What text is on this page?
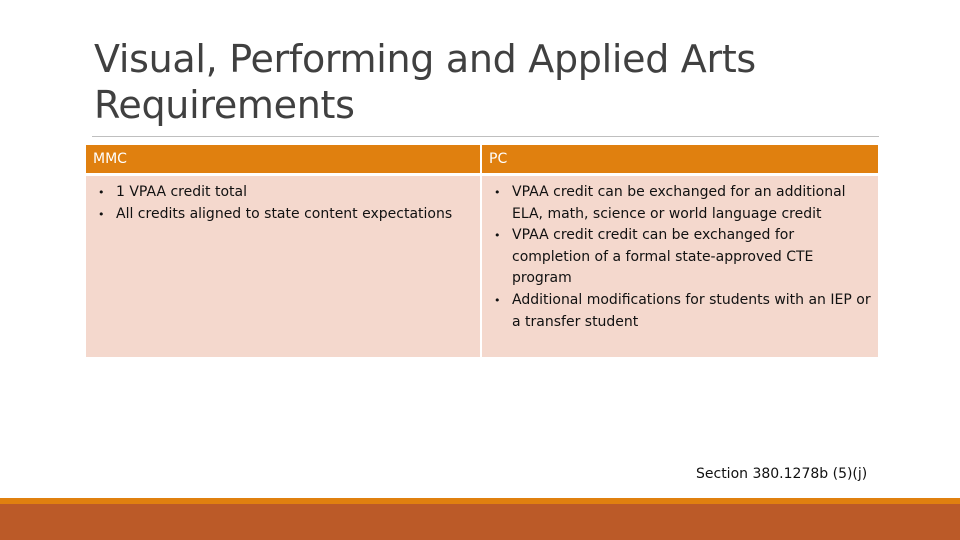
Visual, Performing and Applied Arts Requirements
MMC	PC
• 1 VPAA credit total
• All credits aligned to state content expectations
• VPAA credit can be exchanged for an additional ELA, math, science or world language credit
• VPAA credit credit can be exchanged for completion of a formal state-approved CTE program
• Additional modifications for students with an IEP or a transfer student
Section 380.1278b (5)(j)
